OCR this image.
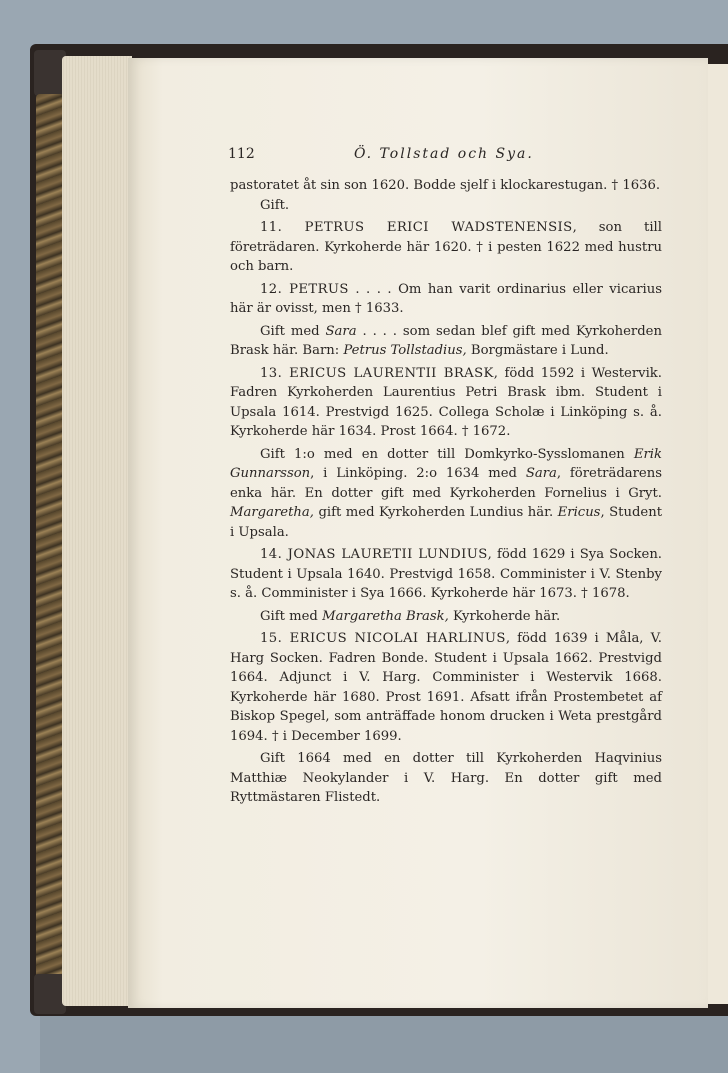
112	Ö. Tollstad och Sya.

pastoratet åt sin son 1620. Bodde sjelf i klockarestugan. † 1636.

Gift.

11. PETRUS ERICI WADSTENENSIS, son till företrädaren. Kyrkoherde här 1620. † i pesten 1622 med hustru och barn.

12. PETRUS . . . . Om han varit ordinarius eller vicarius här är ovisst, men † 1633.

Gift med Sara . . . . som sedan blef gift med Kyrkoherden Brask här. Barn: Petrus Tollstadius, Borgmästare i Lund.

13. ERICUS LAURENTII BRASK, född 1592 i Westervik. Fadren Kyrkoherden Laurentius Petri Brask ibm. Student i Upsala 1614. Prestvigd 1625. Collega Scholæ i Linköping s. å. Kyrkoherde här 1634. Prost 1664. † 1672.

Gift 1:o med en dotter till Domkyrko-Sysslomanen Erik Gunnarsson, i Linköping. 2:o 1634 med Sara, företrädarens enka här. En dotter gift med Kyrkoherden Fornelius i Gryt. Margaretha, gift med Kyrkoherden Lundius här. Ericus, Student i Upsala.

14. JONAS LAURETII LUNDIUS, född 1629 i Sya Socken. Student i Upsala 1640. Prestvigd 1658. Comminister i V. Stenby s. å. Comminister i Sya 1666. Kyrkoherde här 1673. † 1678.

Gift med Margaretha Brask, Kyrkoherde här.

15. ERICUS NICOLAI HARLINUS, född 1639 i Måla, V. Harg Socken. Fadren Bonde. Student i Upsala 1662. Prestvigd 1664. Adjunct i V. Harg. Comminister i Westervik 1668. Kyrkoherde här 1680. Prost 1691. Afsatt ifrån Prostembetet af Biskop Spegel, som anträffade honom drucken i Weta prestgård 1694. † i December 1699.

Gift 1664 med en dotter till Kyrkoherden Haqvinius Matthiæ Neokylander i V. Harg. En dotter gift med Ryttmästaren Flistedt.
